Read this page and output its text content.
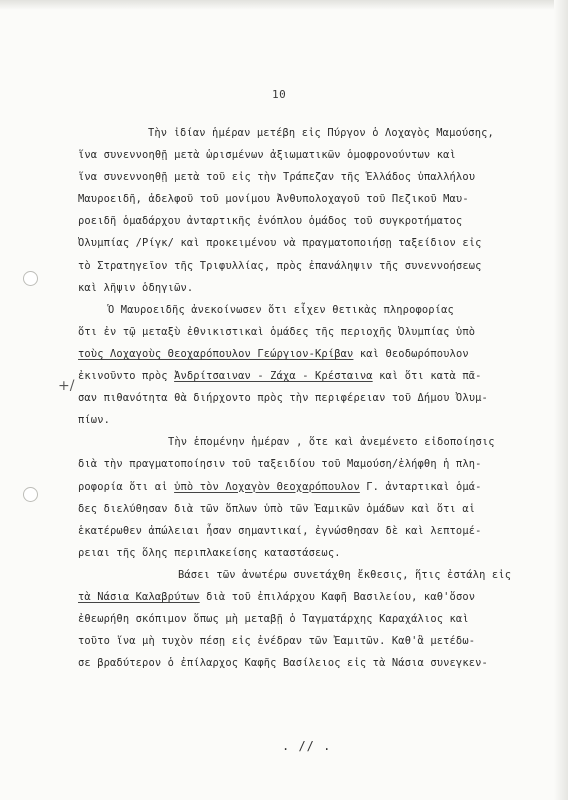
10
+/
Τὴν ἰδίαν ἡμέραν μετέβη εἰς Πύργον ὁ Λοχαγὸς Μαμούσης,
ἵνα συνεννοηθῇ μετὰ ὡρισμένων ἀξιωματικῶν ὁμοφρονούντων καὶ
ἵνα συνεννοηθῇ μετὰ τοῦ εἰς τὴν Τράπεζαν τῆς Ἑλλάδος ὑπαλλήλου
Μαυροειδῆ, ἀδελφοῦ τοῦ μονίμου Ἀνθυπολοχαγοῦ τοῦ Πεζικοῦ Μαυ-
ροειδῆ ὁμαδάρχου ἀνταρτικῆς ἐνόπλου ὁμάδος τοῦ συγκροτήματος
Ὀλυμπίας /Ρίγκ/ καὶ προκειμένου νὰ πραγματοποιήσῃ ταξείδιον εἰς
τὸ Στρατηγεῖον τῆς Τριφυλλίας, πρὸς ἐπανάληψιν τῆς συνεννοήσεως
καὶ λῆψιν ὁδηγιῶν.
Ὁ Μαυροειδῆς ἀνεκοίνωσεν ὅτι εἶχεν θετικὰς πληροφορίας
ὅτι ἐν τῷ μεταξὺ ἐθνικιστικαὶ ὁμάδες τῆς περιοχῆς Ὀλυμπίας ὑπὸ
τοὺς Λοχαγοὺς Θεοχαρόπουλον Γεώργιον-Κρίβαν καὶ Θεοδωρόπουλον
ἐκινοῦντο πρὸς Ἀνδρίτσαιναν - Ζάχα - Κρέσταινα καὶ ὅτι κατὰ πᾶ-
σαν πιθανότητα θὰ διήρχοντο πρὸς τὴν περιφέρειαν τοῦ Δήμου Ὀλυμ-
πίων.
Τὴν ἑπομένην ἡμέραν , ὅτε καὶ ἀνεμένετο εἰδοποίησις
διὰ τὴν πραγματοποίησιν τοῦ ταξειδίου τοῦ Μαμούση/ἐλήφθη ἡ πλη-
ροφορία ὅτι αἱ ὑπὸ τὸν Λοχαγὸν Θεοχαρόπουλον Γ. ἀνταρτικαὶ ὁμά-
δες διελύθησαν διὰ τῶν ὅπλων ὑπὸ τῶν Ἐαμικῶν ὁμάδων καὶ ὅτι αἱ
ἑκατέρωθεν ἀπώλειαι ἦσαν σημαντικαί, ἐγνώσθησαν δὲ καὶ λεπτομέ-
ρειαι τῆς ὅλης περιπλακείσης καταστάσεως.
Βάσει τῶν ἀνωτέρω συνετάχθη ἔκθεσις, ἥτις ἐστάλη εἰς
τὰ Νάσια Καλαβρύτων διὰ τοῦ ἐπιλάρχου Καφῆ Βασιλείου, καθ'ὅσον
ἐθεωρήθη σκόπιμον ὅπως μὴ μεταβῇ ὁ Ταγματάρχης Καραχάλιος καὶ
τοῦτο ἵνα μὴ τυχὸν πέσῃ εἰς ἐνέδραν τῶν Ἐαμιτῶν. Καθ'ἃ μετέδω-
σε βραδύτερον ὁ ἐπίλαρχος Καφῆς Βασίλειος εἰς τὰ Νάσια συνεγκεν-
. // .
